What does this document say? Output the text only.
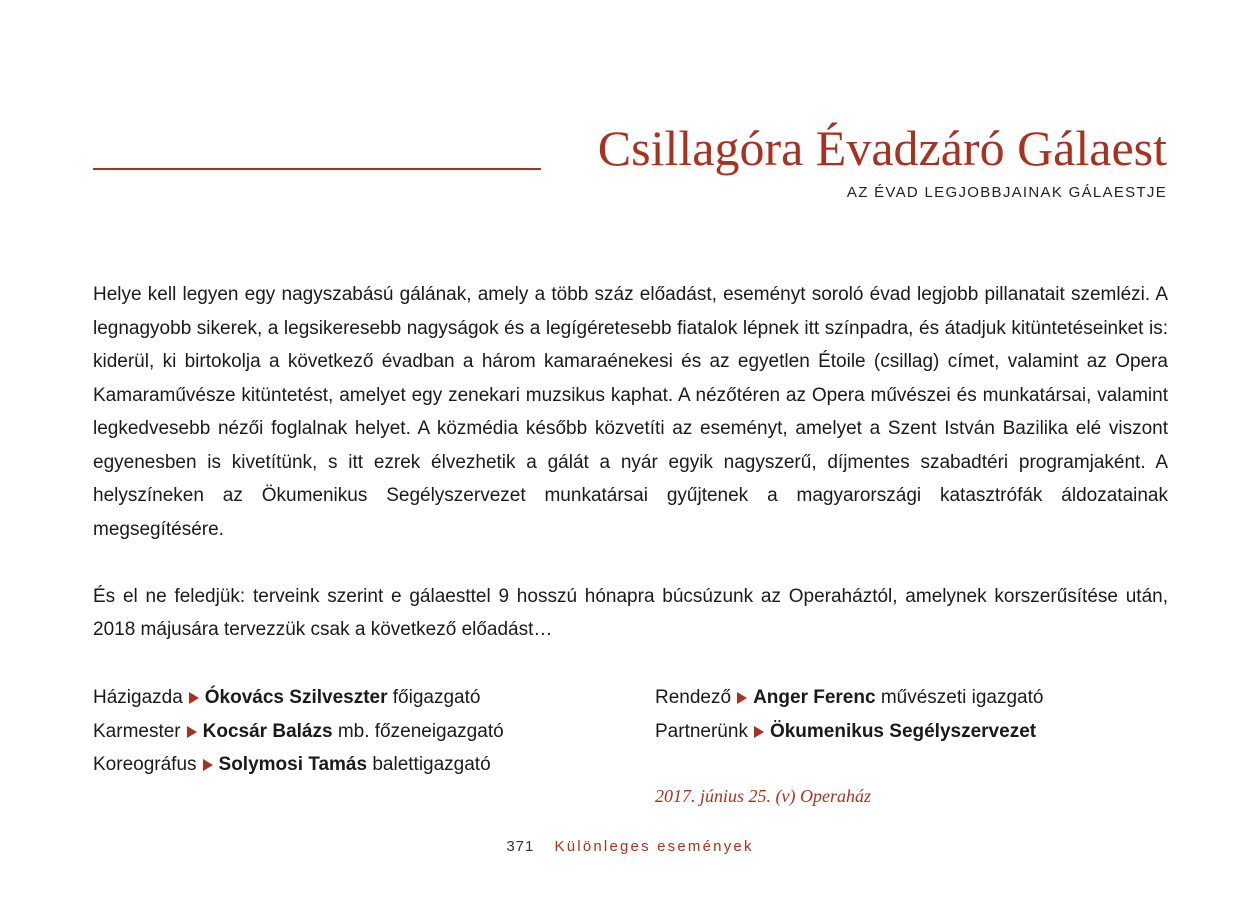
Csillagóra Évadzáró Gálaest
AZ ÉVAD LEGJOBBJAINAK GÁLAESTJE

Helye kell legyen egy nagyszabású gálának, amely a több száz előadást, eseményt soroló évad legjobb pillanatait szemlézi. A legnagyobb sikerek, a legsikeresebb nagyságok és a legígéretesebb fiatalok lépnek itt színpadra, és átadjuk kitüntetéseinket is: kiderül, ki birtokolja a következő évadban a három kamaraénekesi és az egyetlen Étoile (csillag) címet, valamint az Opera Kamaraművésze kitüntetést, amelyet egy zenekari muzsikus kaphat. A nézőtéren az Opera művészei és munkatársai, valamint legkedvesebb nézői foglalnak helyet. A közmédia később közvetíti az eseményt, amelyet a Szent István Bazilika elé viszont egyenesben is kivetítünk, s itt ezrek élvezhetik a gálát a nyár egyik nagyszerű, díjmentes szabadtéri programjaként. A helyszíneken az Ökumenikus Segélyszervezet munkatársai gyűjtenek a magyarországi katasztrófák áldozatainak megsegítésére.

És el ne feledjük: terveink szerint e gálaesttel 9 hosszú hónapra búcsúzunk az Operaháztól, amelynek korszerűsítése után, 2018 májusára tervezzük csak a következő előadást…

Házigazda Ókovács Szilveszter főigazgató
Karmester Kocsár Balázs mb. főzeneigazgató
Koreográfus Solymosi Tamás balettigazgató
Rendező Anger Ferenc művészeti igazgató
Partnerünk Ökumenikus Segélyszervezet
2017. június 25. (v) Operaház
371 Különleges események
